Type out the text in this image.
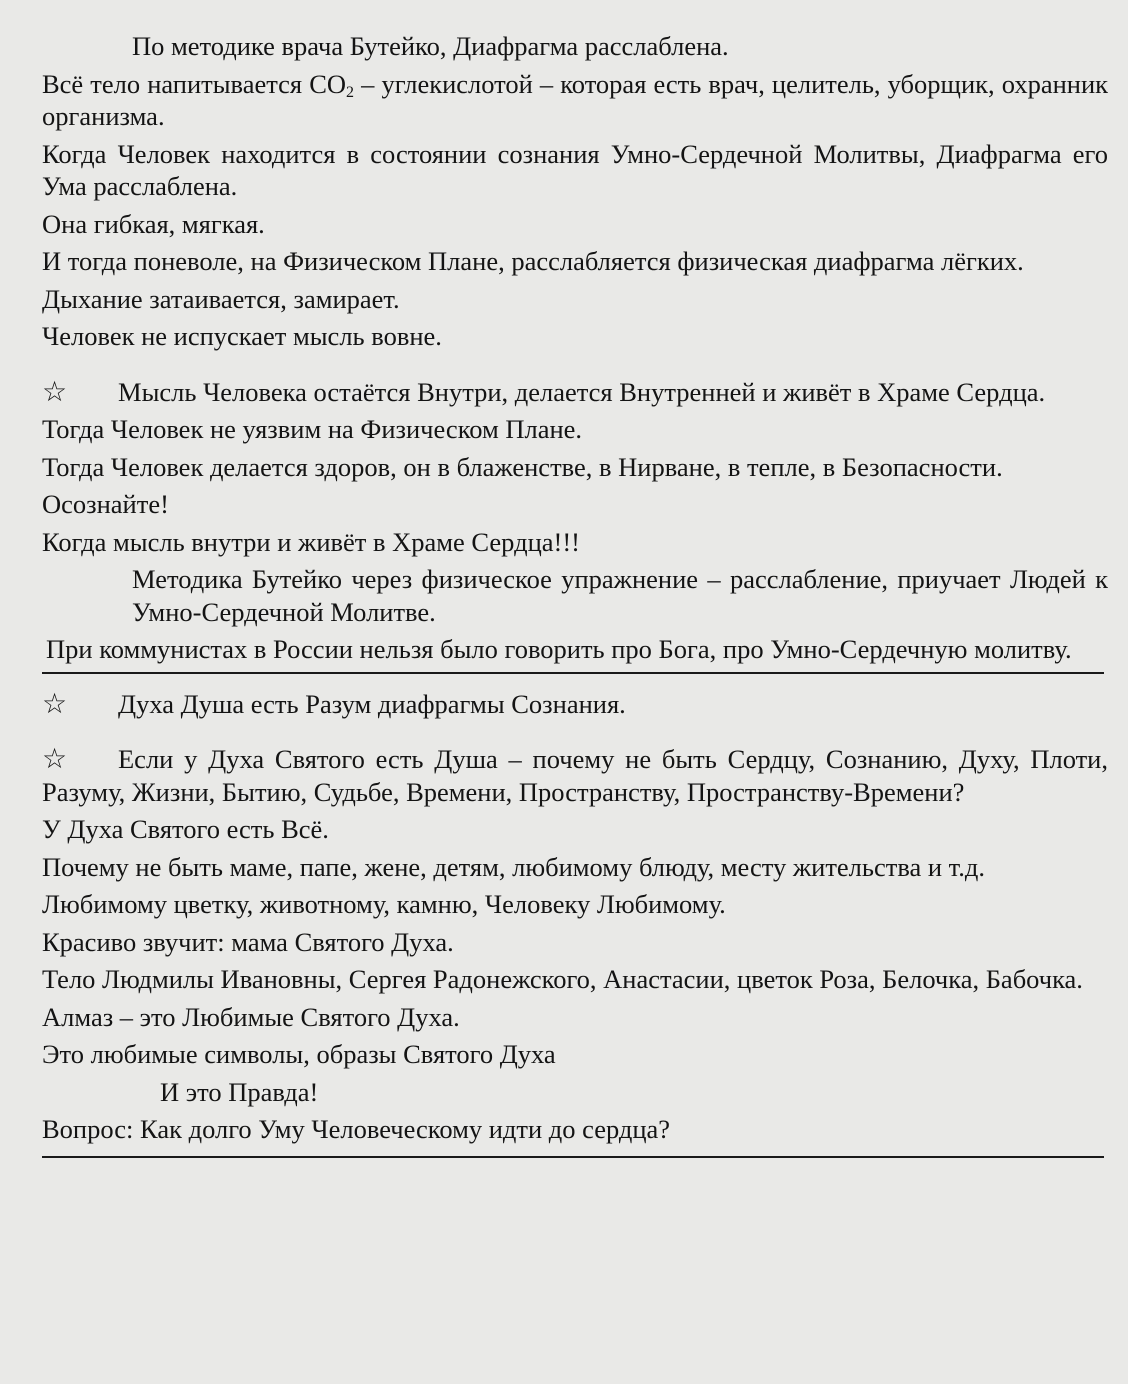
По методике врача Бутейко, Диафрагма расслаблена.

Всё тело напитывается $CO_2$ – углекислотой – которая есть врач, целитель, уборщик, охранник организма.

Когда Человек находится в состоянии сознания Умно-Сердечной Молитвы, Диафрагма его Ума расслаблена.

Она гибкая, мягкая.

И тогда поневоле, на Физическом Плане, расслабляется физическая диафрагма лёгких.

Дыхание затаивается, замирает.

Человек не испускает мысль вовне.

☆ Мысль Человека остаётся Внутри, делается Внутренней и живёт в Храме Сердца.

Тогда Человек не уязвим на Физическом Плане.

Тогда Человек делается здоров, он в блаженстве, в Нирване, в тепле, в Безопасности.

Осознайте!

Когда мысль внутри и живёт в Храме Сердца!!!

Методика Бутейко через физическое упражнение – расслабление, приучает Людей к Умно-Сердечной Молитве.

При коммунистах в России нельзя было говорить про Бога, про Умно-Сердечную молитву.

☆ Духа Душа есть Разум диафрагмы Сознания.

☆ Если у Духа Святого есть Душа – почему не быть Сердцу, Сознанию, Духу, Плоти, Разуму, Жизни, Бытию, Судьбе, Времени, Пространству, Пространству-Времени?

У Духа Святого есть Всё.

Почему не быть маме, папе, жене, детям, любимому блюду, месту жительства и т.д.

Любимому цветку, животному, камню, Человеку Любимому.

Красиво звучит: мама Святого Духа.

Тело Людмилы Ивановны, Сергея Радонежского, Анастасии, цветок Роза, Белочка, Бабочка.

Алмаз – это Любимые Святого Духа.

Это любимые символы, образы Святого Духа

И это Правда!

Вопрос: Как долго Уму Человеческому идти до сердца?
